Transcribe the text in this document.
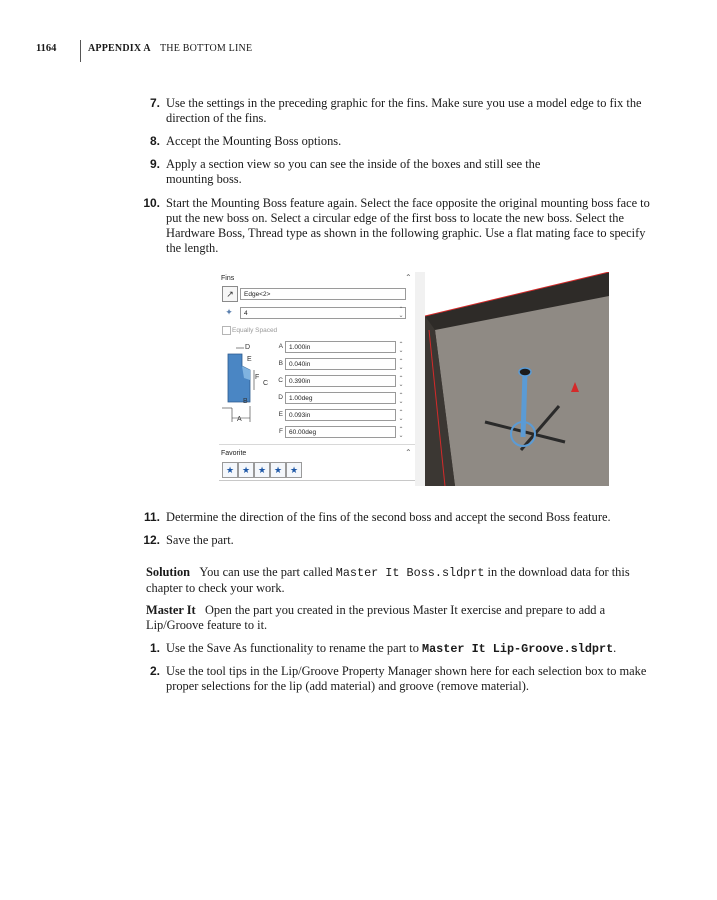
1164	APPENDIX A THE BOTTOM LINE
7. Use the settings in the preceding graphic for the fins. Make sure you use a model edge to fix the direction of the fins.
8. Accept the Mounting Boss options.
9. Apply a section view so you can see the inside of the boxes and still see the mounting boss.
10. Start the Mounting Boss feature again. Select the face opposite the original mounting boss face to put the new boss on. Select a circular edge of the first boss to locate the new boss. Select the Hardware Boss, Thread type as shown in the following graphic. Use a flat mating face to specify the length.
Fins	⌃
↗	Edge<2>
✦	4	⌃
⌄
Equally Spaced
D
E
F
C
B
A
A 1.000in	⌃
⌄
B 0.040in	⌃
⌄
C 0.390in	⌃
⌄
D 1.00deg	⌃
⌄
E 0.093in	⌃
⌄
F 60.00deg	⌃
⌄
Favorite	⌃
★ ★ ★ ★ ★
11. Determine the direction of the fins of the second boss and accept the second Boss feature.
12. Save the part.
Solution You can use the part called Master It Boss.sldprt in the download data for this chapter to check your work.
Master It Open the part you created in the previous Master It exercise and prepare to add a Lip/Groove feature to it.
1. Use the Save As functionality to rename the part to Master It Lip-Groove.sldprt.
2. Use the tool tips in the Lip/Groove Property Manager shown here for each selection box to make proper selections for the lip (add material) and groove (remove material).
